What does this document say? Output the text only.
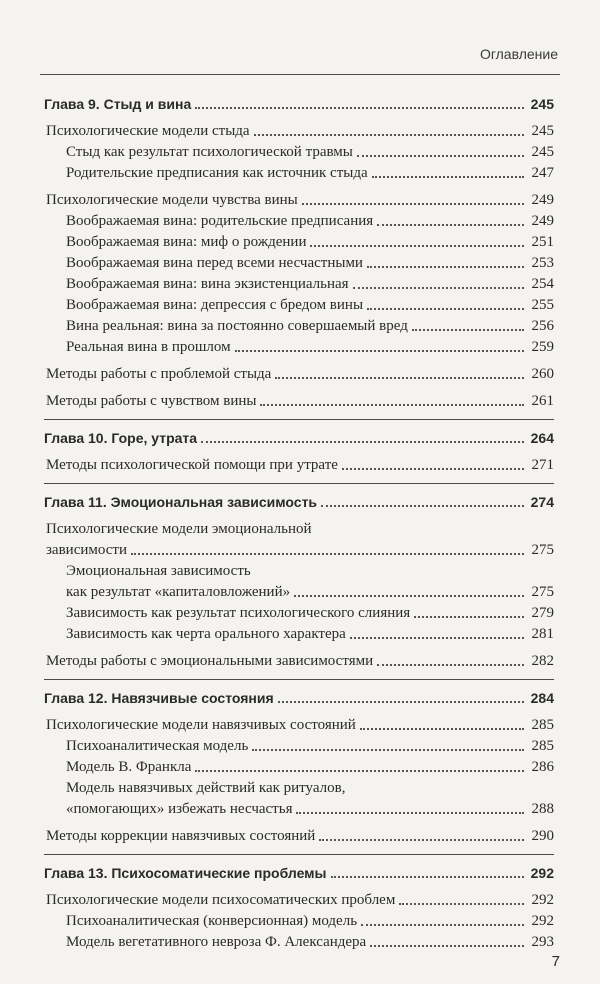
Оглавление
Глава 9. Стыд и вина	245
Психологические модели стыда	245
Стыд как результат психологической травмы	245
Родительские предписания как источник стыда	247
Психологические модели чувства вины	249
Воображаемая вина: родительские предписания	249
Воображаемая вина: миф о рождении	251
Воображаемая вина перед всеми несчастными	253
Воображаемая вина: вина экзистенциальная	254
Воображаемая вина: депрессия с бредом вины	255
Вина реальная: вина за постоянно совершаемый вред	256
Реальная вина в прошлом	259
Методы работы с проблемой стыда	260
Методы работы с чувством вины	261
Глава 10. Горе, утрата	264
Методы психологической помощи при утрате	271
Глава 11. Эмоциональная зависимость	274
Психологические модели эмоциональной
зависимости	275
Эмоциональная зависимость
как результат «капиталовложений»	275
Зависимость как результат психологического слияния	279
Зависимость как черта орального характера	281
Методы работы с эмоциональными зависимостями	282
Глава 12. Навязчивые состояния	284
Психологические модели навязчивых состояний	285
Психоаналитическая модель	285
Модель В. Франкла	286
Модель навязчивых действий как ритуалов,
«помогающих» избежать несчастья	288
Методы коррекции навязчивых состояний	290
Глава 13. Психосоматические проблемы	292
Психологические модели психосоматических проблем	292
Психоаналитическая (конверсионная) модель	292
Модель вегетативного невроза Ф. Александера	293
7
